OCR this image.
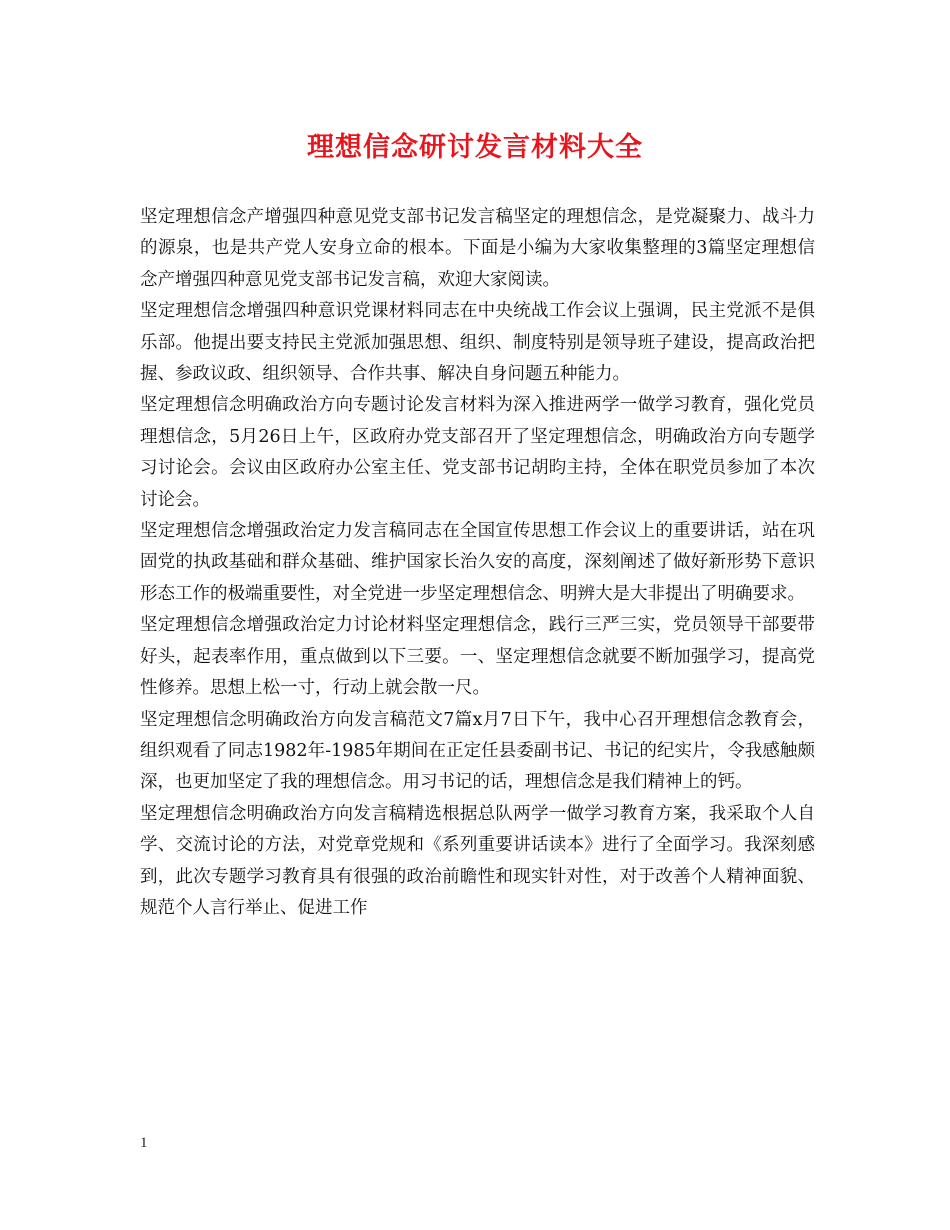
理想信念研讨发言材料大全

坚定理想信念产增强四种意见党支部书记发言稿坚定的理想信念，是党凝聚力、战斗力的源泉，也是共产党人安身立命的根本。下面是小编为大家收集整理的3篇坚定理想信念产增强四种意见党支部书记发言稿，欢迎大家阅读。

坚定理想信念增强四种意识党课材料同志在中央统战工作会议上强调，民主党派不是俱乐部。他提出要支持民主党派加强思想、组织、制度特别是领导班子建设，提高政治把握、参政议政、组织领导、合作共事、解决自身问题五种能力。

坚定理想信念明确政治方向专题讨论发言材料为深入推进两学一做学习教育，强化党员理想信念，5月26日上午，区政府办党支部召开了坚定理想信念，明确政治方向专题学习讨论会。会议由区政府办公室主任、党支部书记胡昀主持，全体在职党员参加了本次讨论会。

坚定理想信念增强政治定力发言稿同志在全国宣传思想工作会议上的重要讲话，站在巩固党的执政基础和群众基础、维护国家长治久安的高度，深刻阐述了做好新形势下意识形态工作的极端重要性，对全党进一步坚定理想信念、明辨大是大非提出了明确要求。

坚定理想信念增强政治定力讨论材料坚定理想信念，践行三严三实，党员领导干部要带好头，起表率作用，重点做到以下三要。一、坚定理想信念就要不断加强学习，提高党性修养。思想上松一寸，行动上就会散一尺。

坚定理想信念明确政治方向发言稿范文7篇x月7日下午，我中心召开理想信念教育会，组织观看了同志1982年-1985年期间在正定任县委副书记、书记的纪实片，令我感触颇深，也更加坚定了我的理想信念。用习书记的话，理想信念是我们精神上的钙。

坚定理想信念明确政治方向发言稿精选根据总队两学一做学习教育方案，我采取个人自学、交流讨论的方法，对党章党规和《系列重要讲话读本》进行了全面学习。我深刻感到，此次专题学习教育具有很强的政治前瞻性和现实针对性，对于改善个人精神面貌、规范个人言行举止、促进工作

1
